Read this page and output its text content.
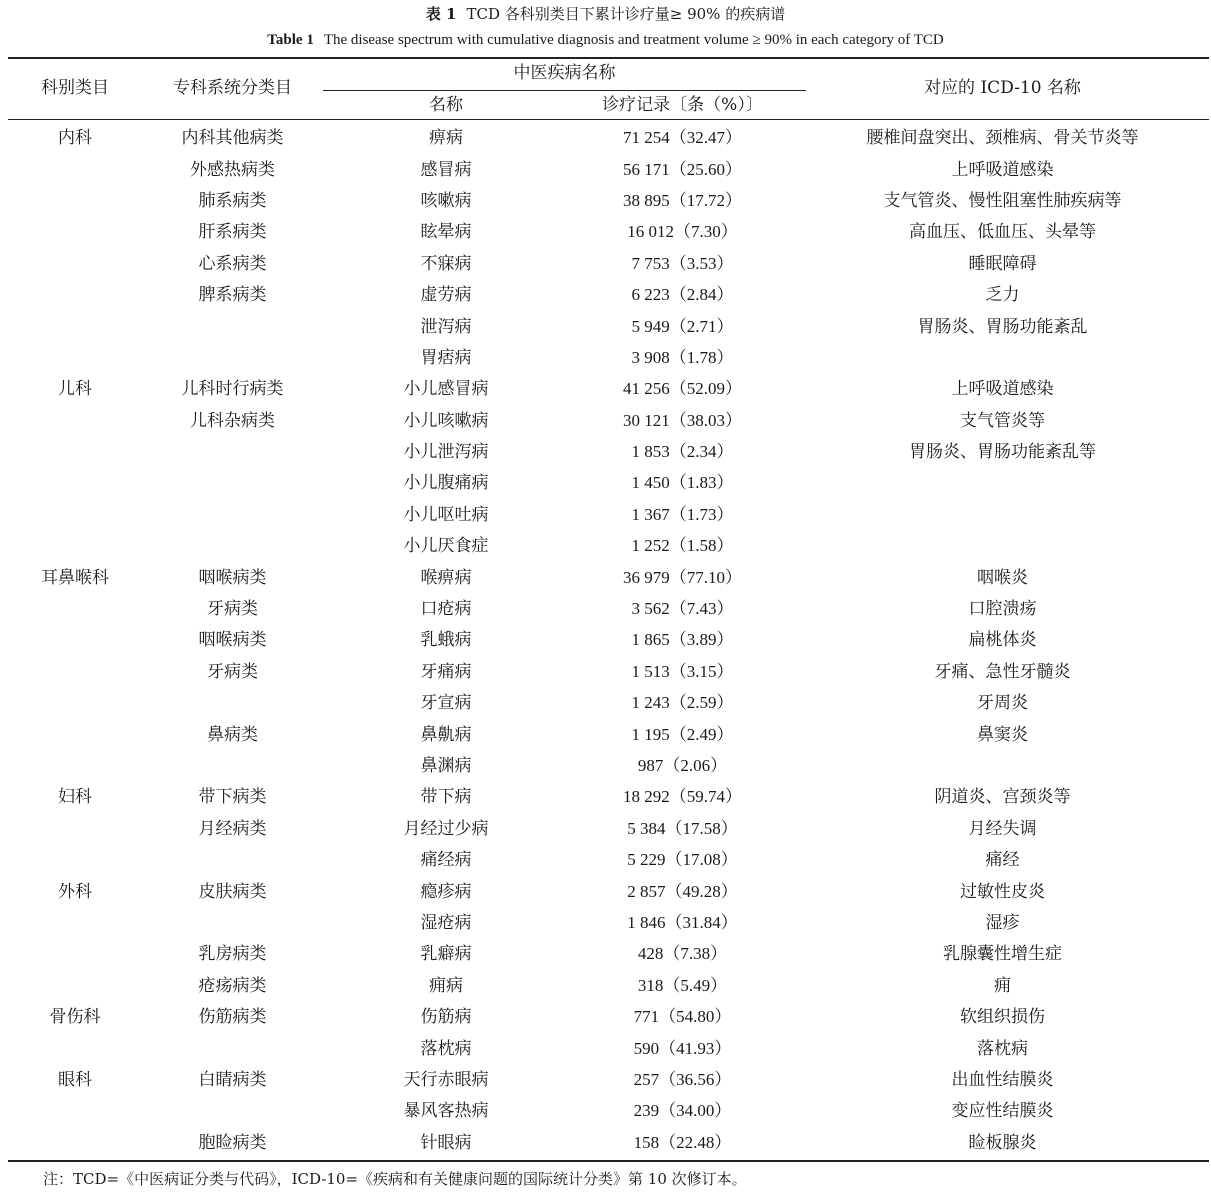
表 1 TCD 各科别类目下累计诊疗量≥ 90% 的疾病谱
Table 1 The disease spectrum with cumulative diagnosis and treatment volume ≥ 90% in each category of TCD
科别类目	专科系统分类目
中医疾病名称
名称	诊疗记录〔条（%）〕
对应的 ICD-10 名称
内科	内科其他病类	痹病	71 254（32.47）	腰椎间盘突出、颈椎病、骨关节炎等
	外感热病类	感冒病	56 171（25.60）	上呼吸道感染
	肺系病类	咳嗽病	38 895（17.72）	支气管炎、慢性阻塞性肺疾病等
	肝系病类	眩晕病	16 012（7.30）	高血压、低血压、头晕等
	心系病类	不寐病	7 753（3.53）	睡眠障碍
	脾系病类	虚劳病	6 223（2.84）	乏力
		泄泻病	5 949（2.71）	胃肠炎、胃肠功能紊乱
		胃痞病	3 908（1.78）	
儿科	儿科时行病类	小儿感冒病	41 256（52.09）	上呼吸道感染
	儿科杂病类	小儿咳嗽病	30 121（38.03）	支气管炎等
		小儿泄泻病	1 853（2.34）	胃肠炎、胃肠功能紊乱等
		小儿腹痛病	1 450（1.83）	
		小儿呕吐病	1 367（1.73）	
		小儿厌食症	1 252（1.58）	
耳鼻喉科	咽喉病类	喉痹病	36 979（77.10）	咽喉炎
	牙病类	口疮病	3 562（7.43）	口腔溃疡
	咽喉病类	乳蛾病	1 865（3.89）	扁桃体炎
	牙病类	牙痛病	1 513（3.15）	牙痛、急性牙髓炎
		牙宣病	1 243（2.59）	牙周炎
	鼻病类	鼻鼽病	1 195（2.49）	鼻窦炎
		鼻渊病	987（2.06）	
妇科	带下病类	带下病	18 292（59.74）	阴道炎、宫颈炎等
	月经病类	月经过少病	5 384（17.58）	月经失调
		痛经病	5 229（17.08）	痛经
外科	皮肤病类	瘾疹病	2 857（49.28）	过敏性皮炎
		湿疮病	1 846（31.84）	湿疹
	乳房病类	乳癖病	428（7.38）	乳腺囊性增生症
	疮疡病类	痈病	318（5.49）	痈
骨伤科	伤筋病类	伤筋病	771（54.80）	软组织损伤
		落枕病	590（41.93）	落枕病
眼科	白睛病类	天行赤眼病	257（36.56）	出血性结膜炎
		暴风客热病	239（34.00）	变应性结膜炎
	胞睑病类	针眼病	158（22.48）	睑板腺炎
注：TCD=《中医病证分类与代码》，ICD-10=《疾病和有关健康问题的国际统计分类》第 10 次修订本。
